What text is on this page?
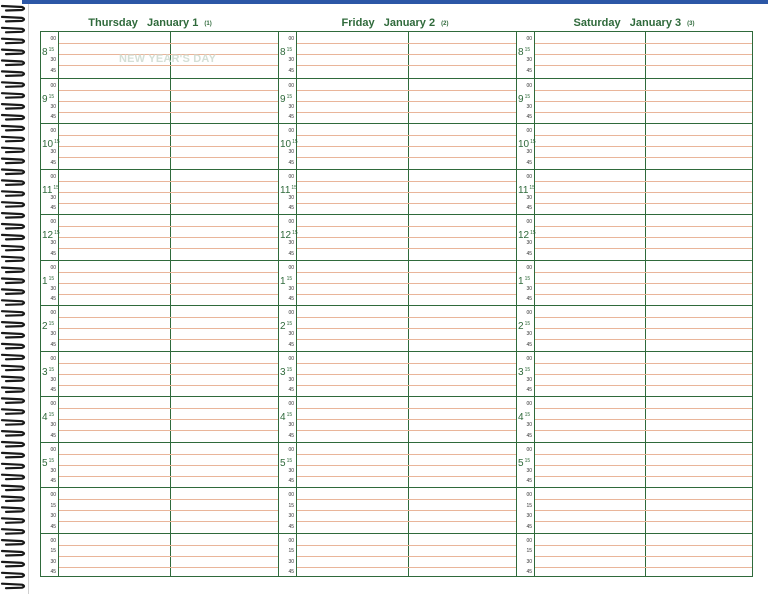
Thursday January 1 (1)
00
30
45
$8^{15}$
00
30
45
$9^{15}$
00
30
45
$10^{15}$
00
30
45
$11^{15}$
00
30
45
$12^{15}$
00
30
45
$1^{15}$
00
30
45
$2^{15}$
00
30
45
$3^{15}$
00
30
45
$4^{15}$
00
30
45
$5^{15}$
00
15
30
45
00
15
30
45
NEW YEAR'S DAY
Friday January 2 (2)
00
30
45
$8^{15}$
00
30
45
$9^{15}$
00
30
45
$10^{15}$
00
30
45
$11^{15}$
00
30
45
$12^{15}$
00
30
45
$1^{15}$
00
30
45
$2^{15}$
00
30
45
$3^{15}$
00
30
45
$4^{15}$
00
30
45
$5^{15}$
00
15
30
45
00
15
30
45
Saturday January 3 (3)
00
30
45
$8^{15}$
00
30
45
$9^{15}$
00
30
45
$10^{15}$
00
30
45
$11^{15}$
00
30
45
$12^{15}$
00
30
45
$1^{15}$
00
30
45
$2^{15}$
00
30
45
$3^{15}$
00
30
45
$4^{15}$
00
30
45
$5^{15}$
00
15
30
45
00
15
30
45
